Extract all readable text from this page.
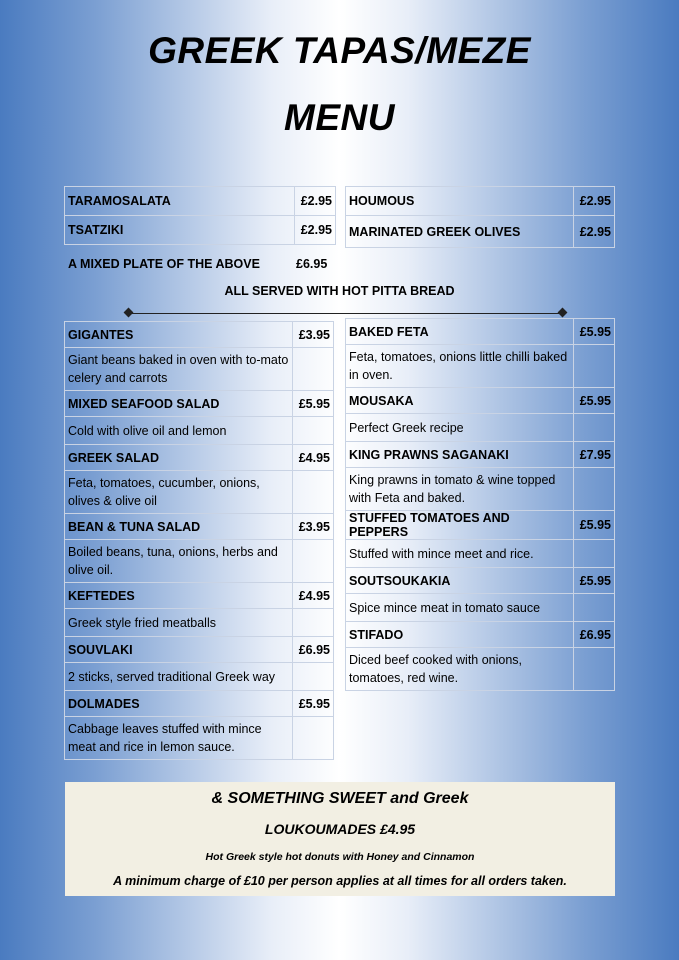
GREEK TAPAS/MEZE
MENU
TARAMOSALATA	£2.95
TSATZIKI	£2.95
HOUMOUS	£2.95
MARINATED GREEK OLIVES	£2.95
A MIXED PLATE OF THE ABOVE	£6.95
ALL SERVED WITH HOT PITTA BREAD
GIGANTES	£3.95
Giant beans baked in oven with to-mato celery and carrots	
MIXED SEAFOOD SALAD	£5.95
Cold with olive oil and lemon	
GREEK SALAD	£4.95
Feta, tomatoes, cucumber, onions, olives & olive oil	
BEAN & TUNA SALAD	£3.95
Boiled beans, tuna, onions, herbs and olive oil.	
KEFTEDES	£4.95
Greek style fried meatballs	
SOUVLAKI	£6.95
2 sticks, served traditional Greek way	
DOLMADES	£5.95
Cabbage leaves stuffed with mince meat and rice in lemon sauce.	
BAKED FETA	£5.95
Feta, tomatoes, onions little chilli baked in oven.	
MOUSAKA	£5.95
Perfect Greek recipe	
KING PRAWNS SAGANAKI	£7.95
King prawns in tomato & wine topped with Feta and baked.	
STUFFED TOMATOES AND PEPPERS	£5.95
Stuffed with mince meet and rice.	
SOUTSOUKAKIA	£5.95
Spice mince meat in tomato sauce	
STIFADO	£6.95
Diced beef cooked with onions, tomatoes, red wine.	
& SOMETHING SWEET and Greek
LOUKOUMADES £4.95
Hot Greek style hot donuts with Honey and Cinnamon
A minimum charge of £10 per person applies at all times for all orders taken.
